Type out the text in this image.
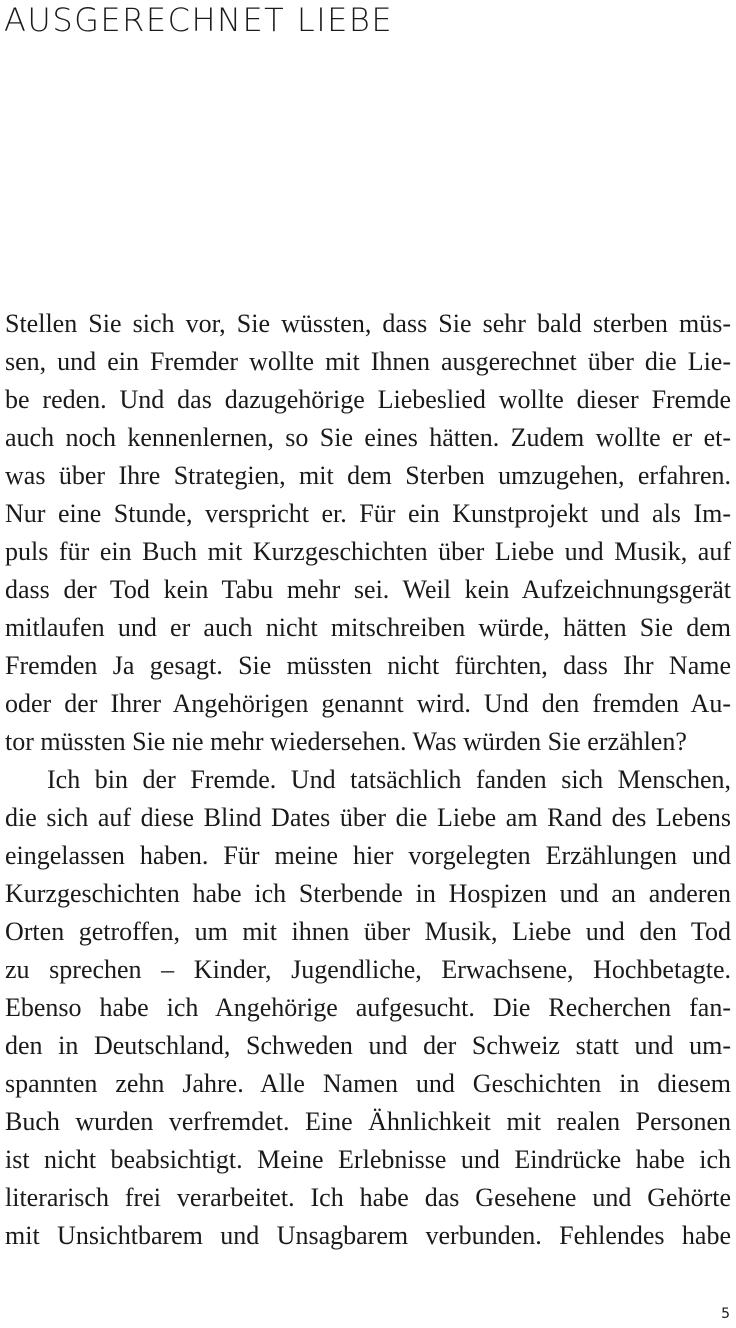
AUSGERECHNET LIEBE
Stellen Sie sich vor, Sie wüssten, dass Sie sehr bald sterben müs-
sen, und ein Fremder wollte mit Ihnen ausgerechnet über die Lie-
be reden. Und das dazugehörige Liebeslied wollte dieser Fremde
auch noch kennenlernen, so Sie eines hätten. Zudem wollte er et-
was über Ihre Strategien, mit dem Sterben umzugehen, erfahren.
Nur eine Stunde, verspricht er. Für ein Kunstprojekt und als Im-
puls für ein Buch mit Kurzgeschichten über Liebe und Musik, auf
dass der Tod kein Tabu mehr sei. Weil kein Aufzeichnungsgerät
mitlaufen und er auch nicht mitschreiben würde, hätten Sie dem
Fremden Ja gesagt. Sie müssten nicht fürchten, dass Ihr Name
oder der Ihrer Angehörigen genannt wird. Und den fremden Au-
tor müssten Sie nie mehr wiedersehen. Was würden Sie erzählen?
Ich bin der Fremde. Und tatsächlich fanden sich Menschen,
die sich auf diese Blind Dates über die Liebe am Rand des Lebens
eingelassen haben. Für meine hier vorgelegten Erzählungen und
Kurzgeschichten habe ich Sterbende in Hospizen und an anderen
Orten getroffen, um mit ihnen über Musik, Liebe und den Tod
zu sprechen – Kinder, Jugendliche, Erwachsene, Hochbetagte.
Ebenso habe ich Angehörige aufgesucht. Die Recherchen fan-
den in Deutschland, Schweden und der Schweiz statt und um-
spannten zehn Jahre. Alle Namen und Geschichten in diesem
Buch wurden verfremdet. Eine Ähnlichkeit mit realen Personen
ist nicht beabsichtigt. Meine Erlebnisse und Eindrücke habe ich
literarisch frei verarbeitet. Ich habe das Gesehene und Gehörte
mit Unsichtbarem und Unsagbarem verbunden. Fehlendes habe
5
